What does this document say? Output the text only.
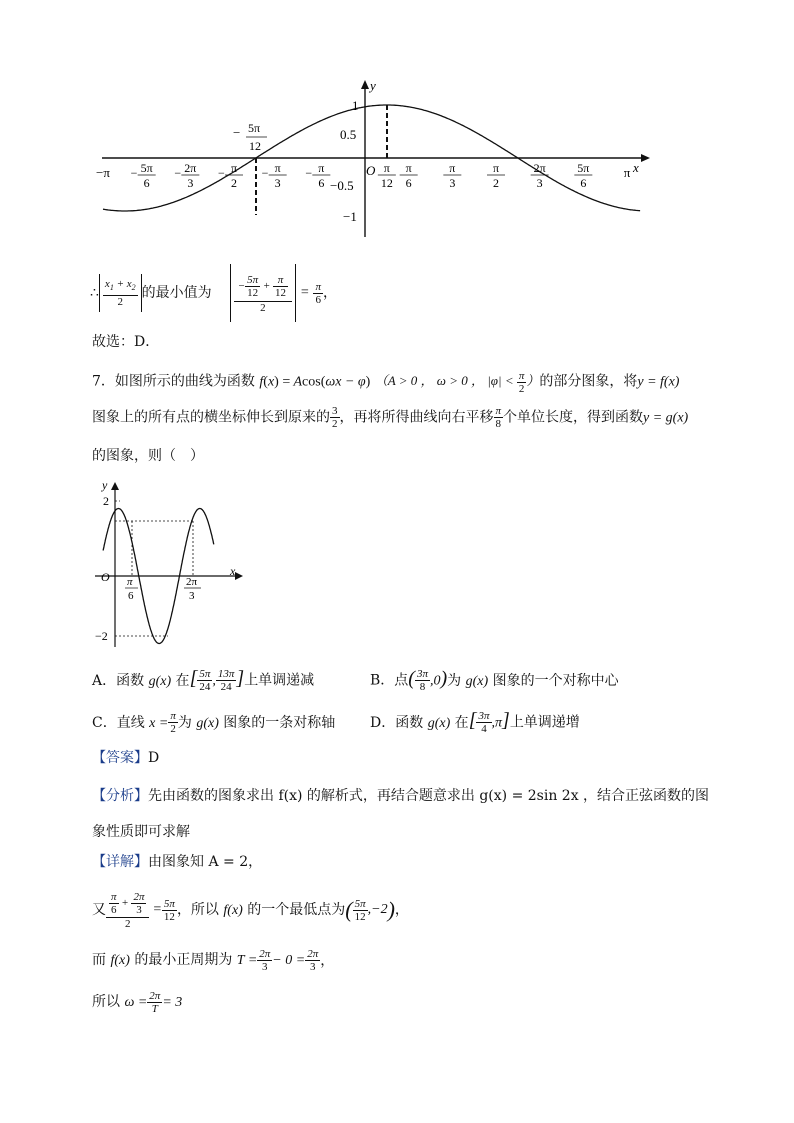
y
x
O
1
0.5
−0.5
−1
− 5π
12
−π − 5π
6
− 2π
3
− π
2
− π
3
− π
6
π
12
π
6
π
3
π
2
2π
3
5π
6
π
∴ $\frac{x_1 + x_2}{2}$ 的最小值为 $\frac{- \frac{5\pi}{12} + \frac{\pi}{12}}{2} = \frac{\pi}{6}$ ，
故选：D．
7．如图所示的曲线为函数 f(x) = Acos(ωx − φ) （A > 0 ， ω > 0 ， $|\varphi| < \frac{\pi}{2}$ ）的部分图象，将y = f(x)
图象上的所有点的横坐标伸长到原来的 $\frac{3}{2}$ ，再将所得曲线向右平移 $\frac{\pi}{8}$ 个单位长度，得到函数y = g(x)
的图象，则（　）
y
2
−2
O	x
π
6
2π
3
A．函数 g(x) 在[ $\frac{5\pi}{24}$ , $\frac{13\pi}{24}$ ]上单调递减	B．点( $\frac{3\pi}{8} ,0$)为 g(x) 图象的一个对称中心
C．直线 $x = \frac{\pi}{2}$ 为 g(x) 图象的一条对称轴 D．函数 g(x) 在[ $\frac{3\pi}{4} ,\pi$]上单调递增
【答案】D
【分析】先由函数的图象求出 f(x) 的解析式，再结合题意求出 g(x) = 2sin 2x ，结合正弦函数的图
象性质即可求解
【详解】由图象知 A = 2，
又 $\frac{\frac{\pi}{6} + \frac{2\pi}{3}}{2} = \frac{5\pi}{12}$ ，所以 f(x) 的一个最低点为 ( $\frac{5\pi}{12} ,-2$ ) ，
而 f(x) 的最小正周期为 $T = \frac{2\pi}{3} - 0 = \frac{2\pi}{3}$ ，
所以 $\omega = \frac{2\pi}{T} = 3$
